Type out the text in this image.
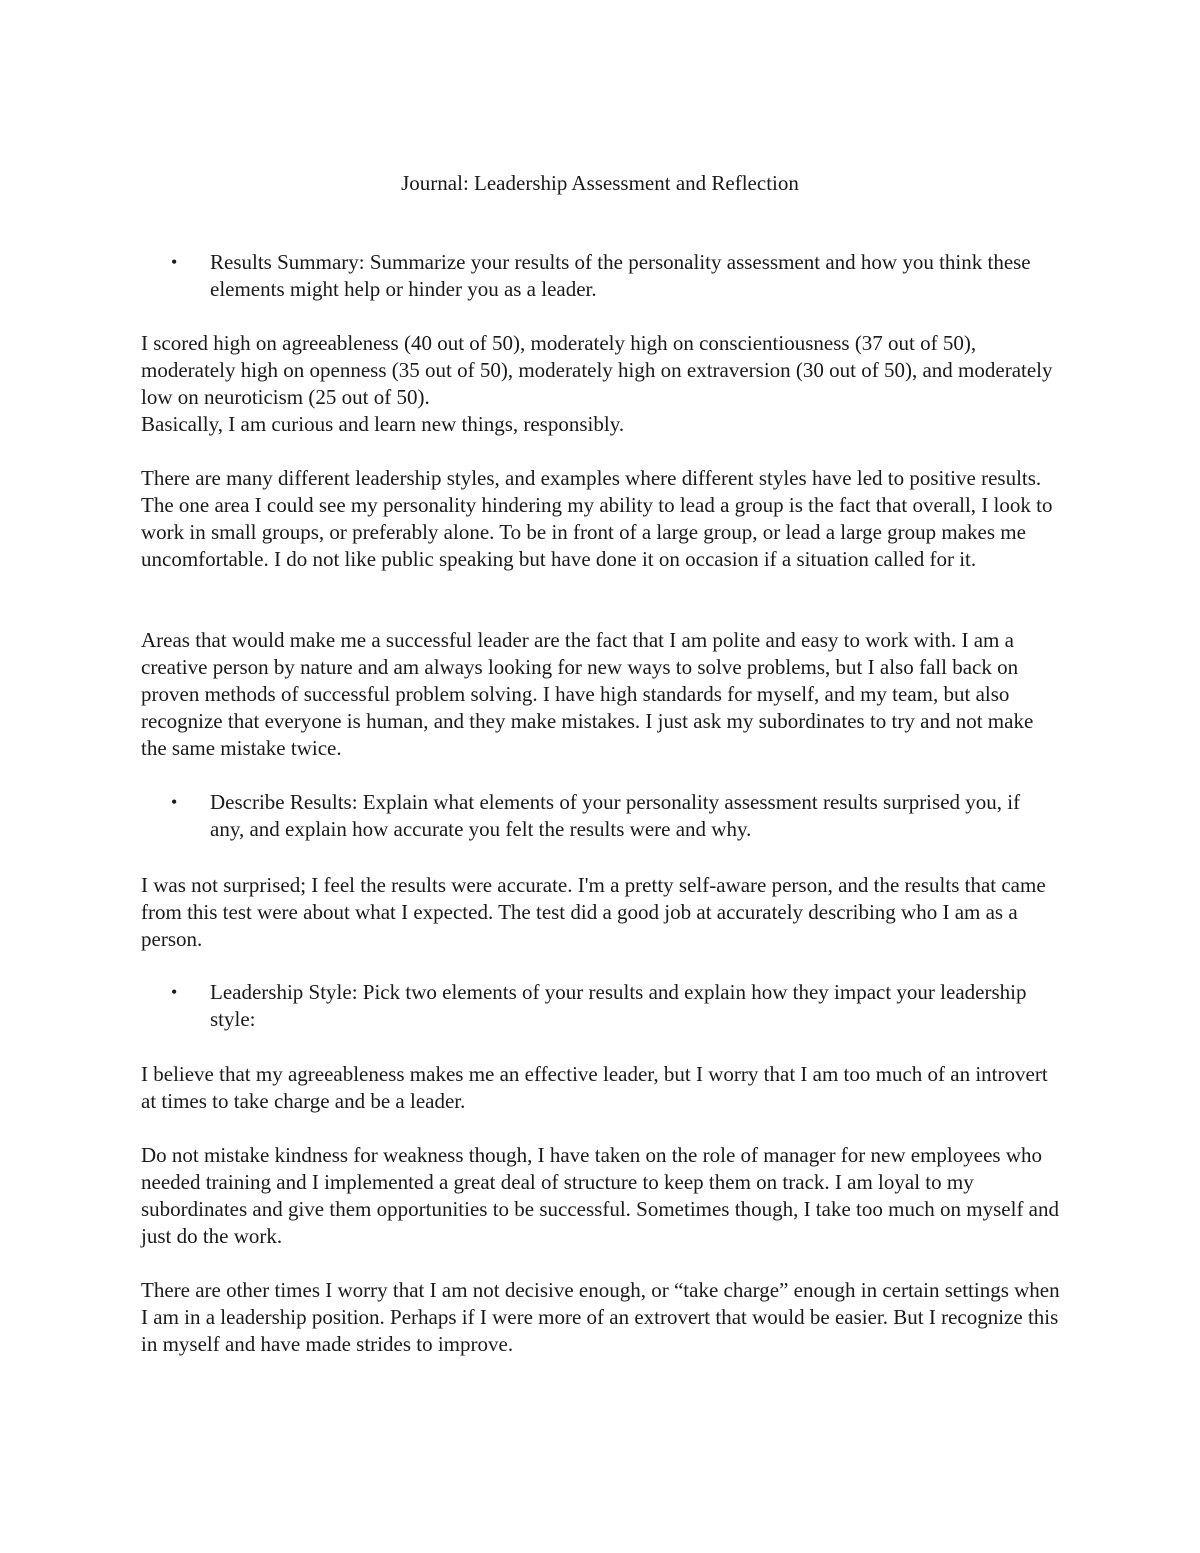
Journal: Leadership Assessment and Reflection
•	Results Summary: Summarize your results of the personality assessment and how you think these elements might help or hinder you as a leader.

I scored high on agreeableness (40 out of 50), moderately high on conscientiousness (37 out of 50), moderately high on openness (35 out of 50), moderately high on extraversion (30 out of 50), and moderately low on neuroticism (25 out of 50).

Basically, I am curious and learn new things, responsibly.

There are many different leadership styles, and examples where different styles have led to positive results. The one area I could see my personality hindering my ability to lead a group is the fact that overall, I look to work in small groups, or preferably alone. To be in front of a large group, or lead a large group makes me uncomfortable. I do not like public speaking but have done it on occasion if a situation called for it.

Areas that would make me a successful leader are the fact that I am polite and easy to work with. I am a creative person by nature and am always looking for new ways to solve problems, but I also fall back on proven methods of successful problem solving. I have high standards for myself, and my team, but also recognize that everyone is human, and they make mistakes. I just ask my subordinates to try and not make the same mistake twice.

•	Describe Results: Explain what elements of your personality assessment results surprised you, if any, and explain how accurate you felt the results were and why.

I was not surprised; I feel the results were accurate. I'm a pretty self-aware person, and the results that came from this test were about what I expected. The test did a good job at accurately describing who I am as a person.

•	Leadership Style: Pick two elements of your results and explain how they impact your leadership style:

I believe that my agreeableness makes me an effective leader, but I worry that I am too much of an introvert at times to take charge and be a leader.

Do not mistake kindness for weakness though, I have taken on the role of manager for new employees who needed training and I implemented a great deal of structure to keep them on track. I am loyal to my subordinates and give them opportunities to be successful. Sometimes though, I take too much on myself and just do the work.

There are other times I worry that I am not decisive enough, or “take charge” enough in certain settings when I am in a leadership position. Perhaps if I were more of an extrovert that would be easier. But I recognize this in myself and have made strides to improve.
